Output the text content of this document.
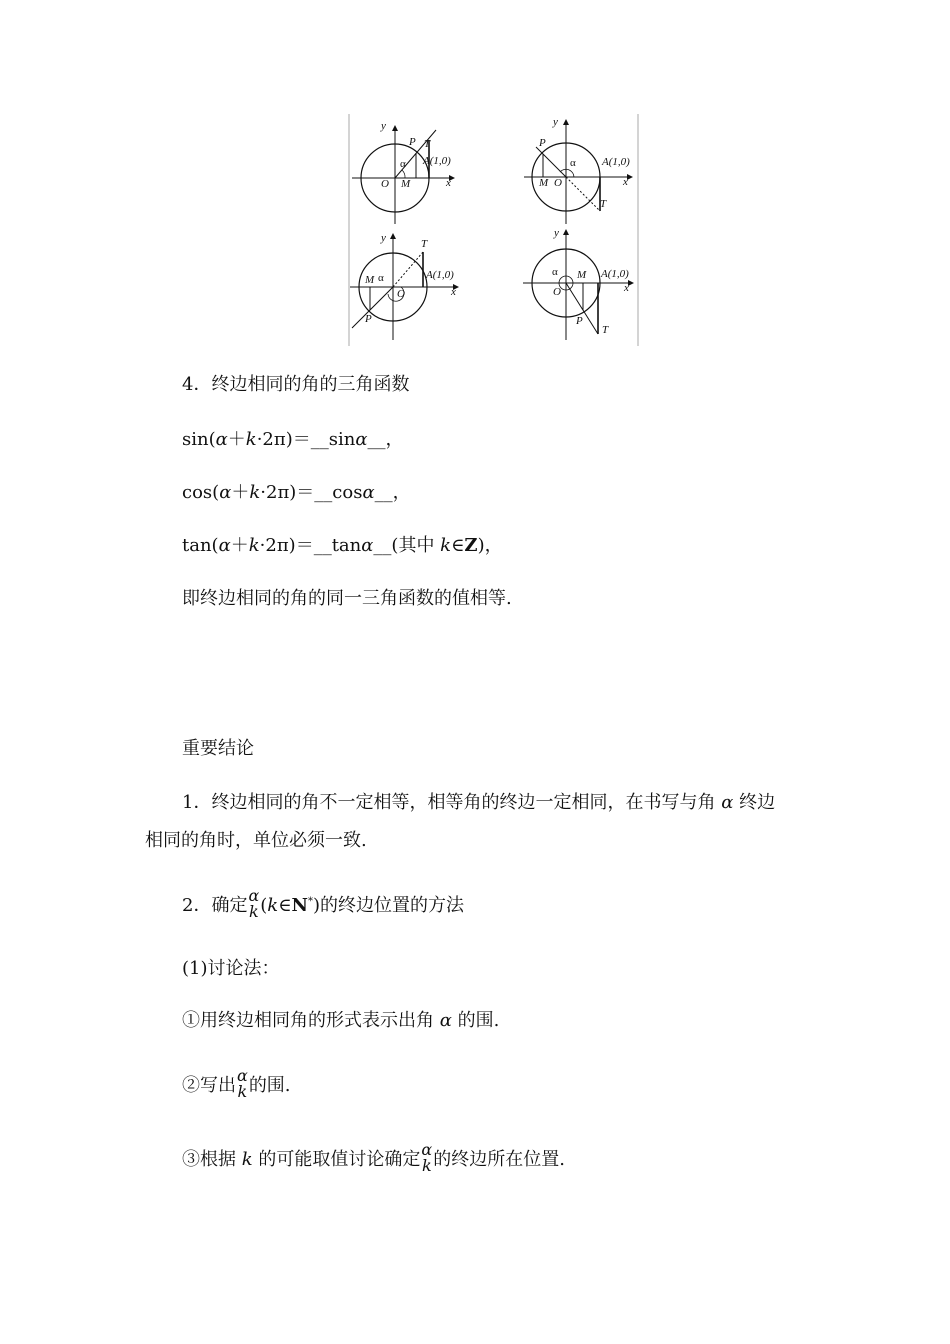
y
x
P T
A(1,0)
O M
α
y
x
P
T
A(1,0)
O
M
α
y
x
P
T
A(1,0)
O
M α
y
x
P
T
A(1,0)
O
M
α
4．终边相同的角的三角函数
sin(α＋k·2π)＝__sinα__，
cos(α＋k·2π)＝__cosα__，
tan(α＋k·2π)＝__tanα__(其中 k∈Z)，
即终边相同的角的同一三角函数的值相等.
重要结论
1．终边相同的角不一定相等，相等角的终边一定相同，在书写与角 α 终边
相同的角时，单位必须一致.
2．确定 α
k (k∈N*)的终边位置的方法
(1)讨论法：
①用终边相同角的形式表示出角 α 的围.
②写出 α
k 的围.
③根据 k 的可能取值讨论确定 α
k 的终边所在位置.
